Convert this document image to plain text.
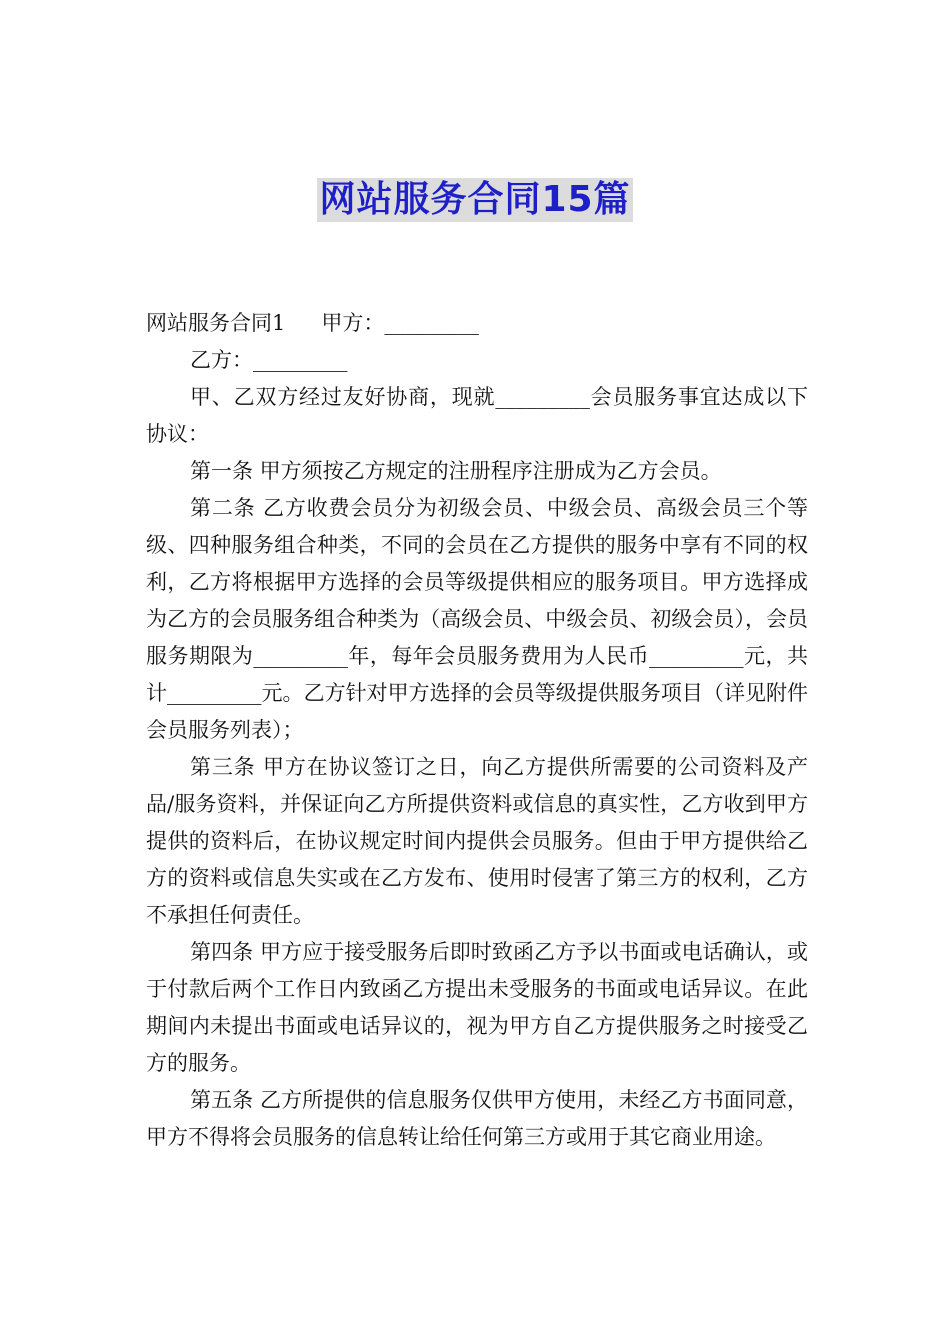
网站服务合同15篇

网站服务合同1 甲方：_________

乙方：_________

甲、乙双方经过友好协商，现就_________会员服务事宜达成以下协议：

第一条 甲方须按乙方规定的注册程序注册成为乙方会员。

第二条 乙方收费会员分为初级会员、中级会员、高级会员三个等级、四种服务组合种类，不同的会员在乙方提供的服务中享有不同的权利，乙方将根据甲方选择的会员等级提供相应的服务项目。甲方选择成为乙方的会员服务组合种类为（高级会员、中级会员、初级会员），会员服务期限为_________年，每年会员服务费用为人民币_________元，共计_________元。乙方针对甲方选择的会员等级提供服务项目（详见附件会员服务列表）；

第三条 甲方在协议签订之日，向乙方提供所需要的公司资料及产品/服务资料，并保证向乙方所提供资料或信息的真实性，乙方收到甲方提供的资料后，在协议规定时间内提供会员服务。但由于甲方提供给乙方的资料或信息失实或在乙方发布、使用时侵害了第三方的权利，乙方不承担任何责任。

第四条 甲方应于接受服务后即时致函乙方予以书面或电话确认，或于付款后两个工作日内致函乙方提出未受服务的书面或电话异议。在此期间内未提出书面或电话异议的，视为甲方自乙方提供服务之时接受乙方的服务。

第五条 乙方所提供的信息服务仅供甲方使用，未经乙方书面同意，甲方不得将会员服务的信息转让给任何第三方或用于其它商业用途。
